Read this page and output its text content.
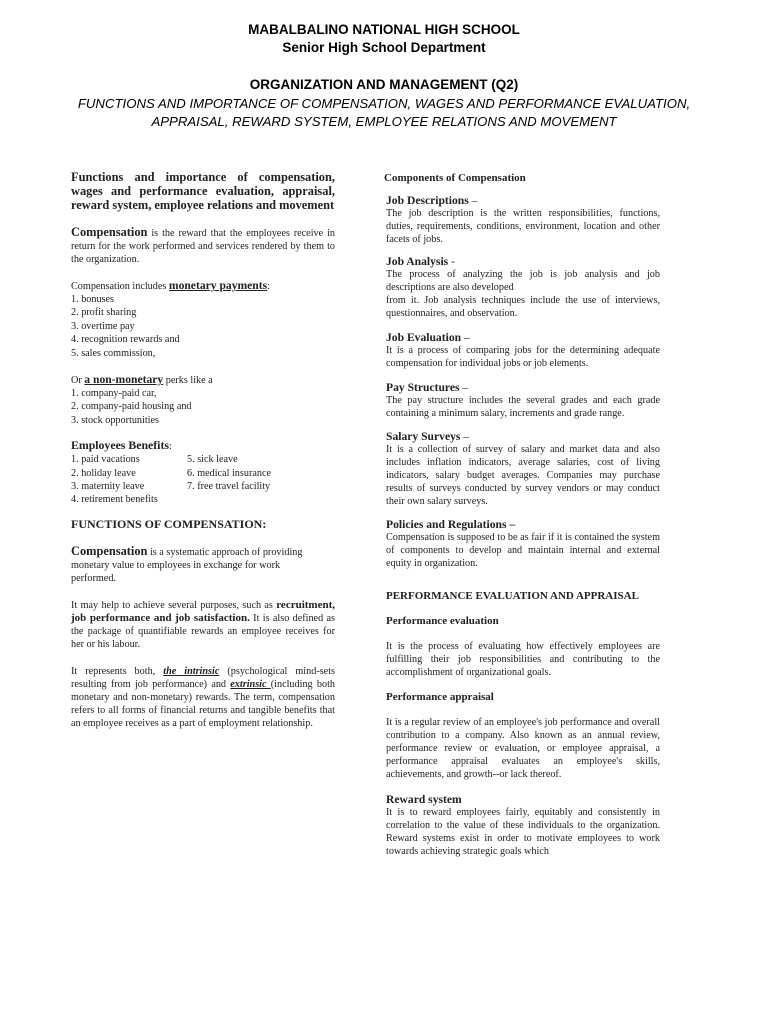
MABALBALINO NATIONAL HIGH SCHOOL
Senior High School Department
ORGANIZATION AND MANAGEMENT (Q2)
FUNCTIONS AND IMPORTANCE OF COMPENSATION, WAGES AND PERFORMANCE EVALUATION,
APPRAISAL, REWARD SYSTEM, EMPLOYEE RELATIONS AND MOVEMENT

Functions and importance of compensation, wages and performance evaluation, appraisal, reward system, employee relations and movement

Compensation is the reward that the employees receive in return for the work performed and services rendered by them to the organization.

Compensation includes monetary payments:

1. bonuses
2. profit sharing
3. overtime pay
4. recognition rewards and
5. sales commission,

Or a non-monetary perks like a

1. company-paid car,
2. company-paid housing and
3. stock opportunities

Employees Benefits:

1. paid vacations
2. holiday leave
3. maternity leave
4. retirement benefits
5. sick leave
6. medical insurance
7. free travel facility

FUNCTIONS OF COMPENSATION:

Compensation is a systematic approach of providing monetary value to employees in exchange for work performed.

It may help to achieve several purposes, such as recruitment, job performance and job satisfaction. It is also defined as the package of quantifiable rewards an employee receives for her or his labour.

It represents both, the intrinsic (psychological mind-sets resulting from job performance) and extrinsic (including both monetary and non-monetary) rewards. The term, compensation refers to all forms of financial returns and tangible benefits that an employee receives as a part of employment relationship.

Components of Compensation

Job Descriptions –

The job description is the written responsibilities, functions, duties, requirements, conditions, environment, location and other facets of jobs.

Job Analysis -

The process of analyzing the job is job analysis and job descriptions are also developed

from it. Job analysis techniques include the use of interviews, questionnaires, and observation.

Job Evaluation –

It is a process of comparing jobs for the determining adequate compensation for individual jobs or job elements.

Pay Structures –

The pay structure includes the several grades and each grade containing a minimum salary, increments and grade range.

Salary Surveys –

It is a collection of survey of salary and market data and also includes inflation indicators, average salaries, cost of living indicators, salary budget averages. Companies may purchase results of surveys conducted by survey vendors or may conduct their own salary surveys.

Policies and Regulations –

Compensation is supposed to be as fair if it is contained the system of components to develop and maintain internal and external equity in organization.

PERFORMANCE EVALUATION AND APPRAISAL

Performance evaluation

It is the process of evaluating how effectively employees are fulfilling their job responsibilities and contributing to the accomplishment of organizational goals.

Performance appraisal

It is a regular review of an employee's job performance and overall contribution to a company. Also known as an annual review, performance review or evaluation, or employee appraisal, a performance appraisal evaluates an employee's skills, achievements, and growth--or lack thereof.

Reward system

It is to reward employees fairly, equitably and consistently in correlation to the value of these individuals to the organization. Reward systems exist in order to motivate employees to work towards achieving strategic goals which
